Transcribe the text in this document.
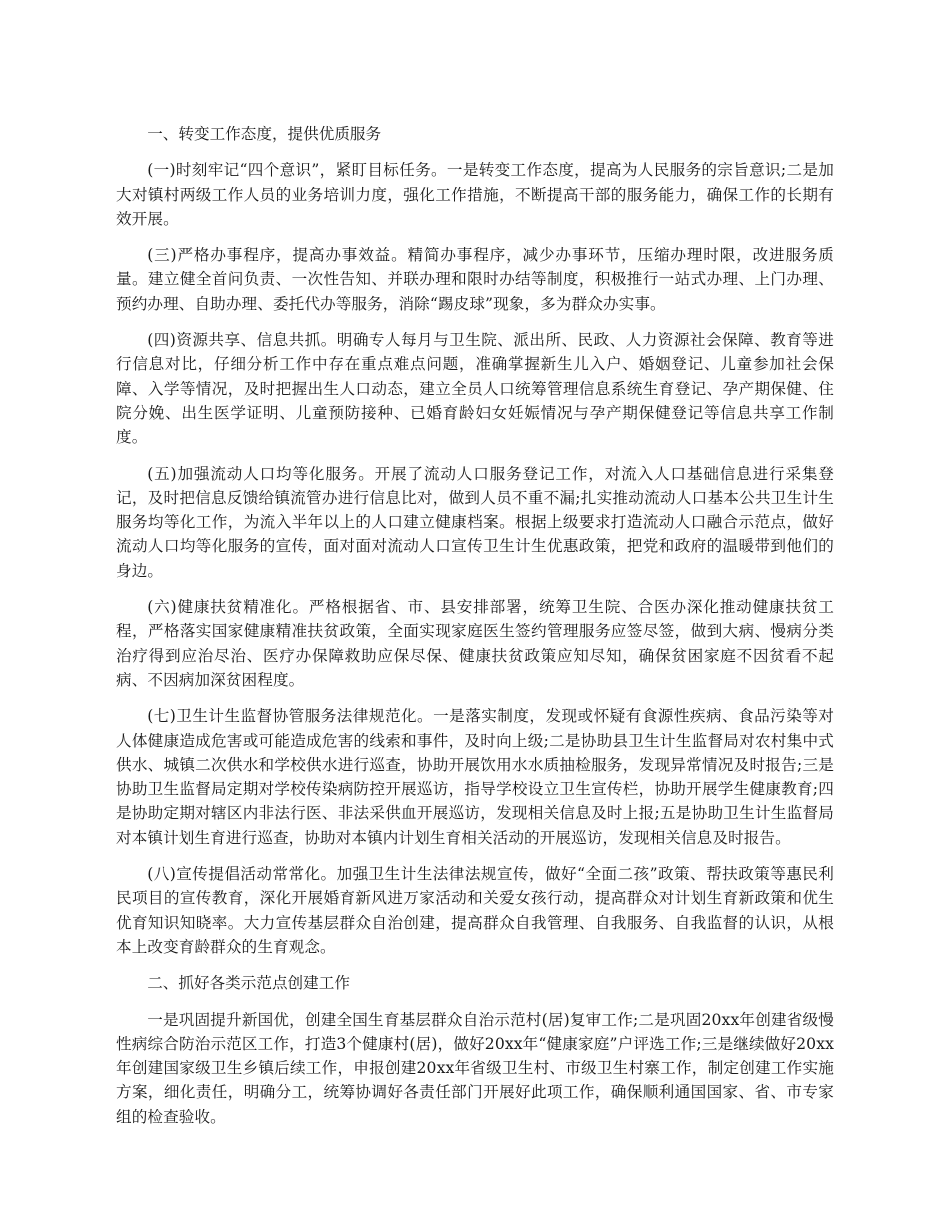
一、转变工作态度，提供优质服务

(一)时刻牢记“四个意识”，紧盯目标任务。一是转变工作态度，提高为人民服务的宗旨意识;二是加大对镇村两级工作人员的业务培训力度，强化工作措施，不断提高干部的服务能力，确保工作的长期有效开展。

(三)严格办事程序，提高办事效益。精简办事程序，减少办事环节，压缩办理时限，改进服务质量。建立健全首问负责、一次性告知、并联办理和限时办结等制度，积极推行一站式办理、上门办理、预约办理、自助办理、委托代办等服务，消除“踢皮球”现象，多为群众办实事。

(四)资源共享、信息共抓。明确专人每月与卫生院、派出所、民政、人力资源社会保障、教育等进行信息对比，仔细分析工作中存在重点难点问题，准确掌握新生儿入户、婚姻登记、儿童参加社会保障、入学等情况，及时把握出生人口动态，建立全员人口统筹管理信息系统生育登记、孕产期保健、住院分娩、出生医学证明、儿童预防接种、已婚育龄妇女妊娠情况与孕产期保健登记等信息共享工作制度。

(五)加强流动人口均等化服务。开展了流动人口服务登记工作，对流入人口基础信息进行采集登记，及时把信息反馈给镇流管办进行信息比对，做到人员不重不漏;扎实推动流动人口基本公共卫生计生服务均等化工作，为流入半年以上的人口建立健康档案。根据上级要求打造流动人口融合示范点，做好流动人口均等化服务的宣传，面对面对流动人口宣传卫生计生优惠政策，把党和政府的温暖带到他们的身边。

(六)健康扶贫精准化。严格根据省、市、县安排部署，统筹卫生院、合医办深化推动健康扶贫工程，严格落实国家健康精准扶贫政策，全面实现家庭医生签约管理服务应签尽签，做到大病、慢病分类治疗得到应治尽治、医疗办保障救助应保尽保、健康扶贫政策应知尽知，确保贫困家庭不因贫看不起病、不因病加深贫困程度。

(七)卫生计生监督协管服务法律规范化。一是落实制度，发现或怀疑有食源性疾病、食品污染等对人体健康造成危害或可能造成危害的线索和事件，及时向上级;二是协助县卫生计生监督局对农村集中式供水、城镇二次供水和学校供水进行巡查，协助开展饮用水水质抽检服务，发现异常情况及时报告;三是协助卫生监督局定期对学校传染病防控开展巡访，指导学校设立卫生宣传栏，协助开展学生健康教育;四是协助定期对辖区内非法行医、非法采供血开展巡访，发现相关信息及时上报;五是协助卫生计生监督局对本镇计划生育进行巡查，协助对本镇内计划生育相关活动的开展巡访，发现相关信息及时报告。

(八)宣传提倡活动常常化。加强卫生计生法律法规宣传，做好“全面二孩”政策、帮扶政策等惠民利民项目的宣传教育，深化开展婚育新风进万家活动和关爱女孩行动，提高群众对计划生育新政策和优生优育知识知晓率。大力宣传基层群众自治创建，提高群众自我管理、自我服务、自我监督的认识，从根本上改变育龄群众的生育观念。

二、抓好各类示范点创建工作

一是巩固提升新国优，创建全国生育基层群众自治示范村(居)复审工作;二是巩固20xx年创建省级慢性病综合防治示范区工作，打造3个健康村(居)，做好20xx年“健康家庭”户评选工作;三是继续做好20xx年创建国家级卫生乡镇后续工作，申报创建20xx年省级卫生村、市级卫生村寨工作，制定创建工作实施方案，细化责任，明确分工，统筹协调好各责任部门开展好此项工作，确保顺利通国国家、省、市专家组的检查验收。
